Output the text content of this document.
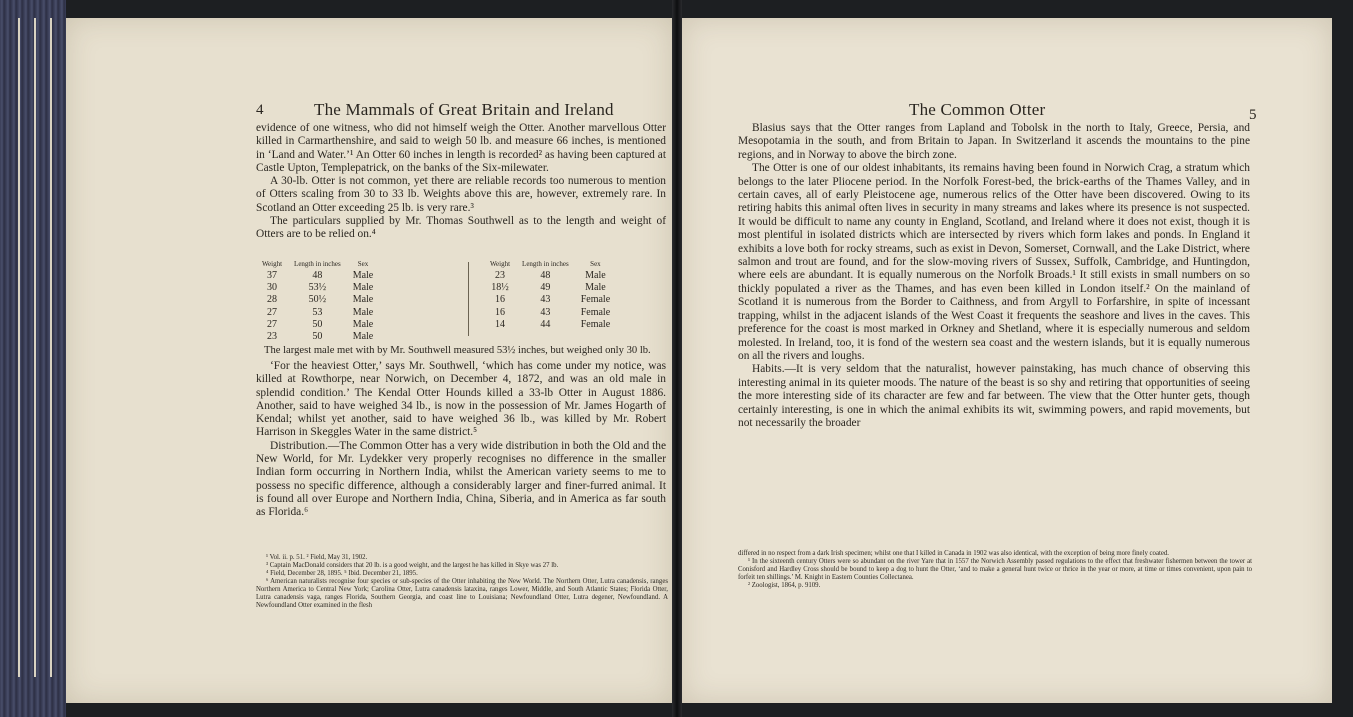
4	The Mammals of Great Britain and Ireland

evidence of one witness, who did not himself weigh the Otter. Another marvellous Otter killed in Carmarthenshire, and said to weigh 50 lb. and measure 66 inches, is mentioned in ‘Land and Water.’¹ An Otter 60 inches in length is recorded² as having been captured at Castle Upton, Templepatrick, on the banks of the Six-milewater.

A 30-lb. Otter is not common, yet there are reliable records too numerous to mention of Otters scaling from 30 to 33 lb. Weights above this are, however, extremely rare. In Scotland an Otter exceeding 25 lb. is very rare.³

The particulars supplied by Mr. Thomas Southwell as to the length and weight of Otters are to be relied on.⁴

Weight	Length in inches	Sex
37	48	Male
30	53½	Male
28	50½	Male
27	53	Male
27	50	Male
23	50	Male
Weight	Length in inches	Sex
23	48	Male
18½	49	Male
16	43	Female
16	43	Female
14	44	Female
The largest male met with by Mr. Southwell measured 53½ inches, but weighed only 30 lb.

‘For the heaviest Otter,’ says Mr. Southwell, ‘which has come under my notice, was killed at Rowthorpe, near Norwich, on December 4, 1872, and was an old male in splendid condition.’ The Kendal Otter Hounds killed a 33-lb Otter in August 1886. Another, said to have weighed 34 lb., is now in the possession of Mr. James Hogarth of Kendal; whilst yet another, said to have weighed 36 lb., was killed by Mr. Robert Harrison in Skeggles Water in the same district.⁵

Distribution.—The Common Otter has a very wide distribution in both the Old and the New World, for Mr. Lydekker very properly recognises no difference in the smaller Indian form occurring in Northern India, whilst the American variety seems to me to possess no specific difference, although a considerably larger and finer-furred animal. It is found all over Europe and Northern India, China, Siberia, and in America as far south as Florida.⁶

¹ Vol. ii. p. 51. ² Field, May 31, 1902.

³ Captain MacDonald considers that 20 lb. is a good weight, and the largest he has killed in Skye was 27 lb.

⁴ Field, December 28, 1895. ⁵ Ibid. December 21, 1895.

⁶ American naturalists recognise four species or sub-species of the Otter inhabiting the New World. The Northern Otter, Lutra canadensis, ranges Northern America to Central New York; Carolina Otter, Lutra canadensis lataxina, ranges Lower, Middle, and South Atlantic States; Florida Otter, Lutra canadensis vaga, ranges Florida, Southern Georgia, and coast line to Louisiana; Newfoundland Otter, Lutra degener, Newfoundland. A Newfoundland Otter examined in the flesh

The Common Otter	5

Blasius says that the Otter ranges from Lapland and Tobolsk in the north to Italy, Greece, Persia, and Mesopotamia in the south, and from Britain to Japan. In Switzerland it ascends the mountains to the pine regions, and in Norway to above the birch zone.

The Otter is one of our oldest inhabitants, its remains having been found in Norwich Crag, a stratum which belongs to the later Pliocene period. In the Norfolk Forest-bed, the brick-earths of the Thames Valley, and in certain caves, all of early Pleistocene age, numerous relics of the Otter have been discovered. Owing to its retiring habits this animal often lives in security in many streams and lakes where its presence is not suspected. It would be difficult to name any county in England, Scotland, and Ireland where it does not exist, though it is most plentiful in isolated districts which are intersected by rivers which form lakes and ponds. In England it exhibits a love both for rocky streams, such as exist in Devon, Somerset, Cornwall, and the Lake District, where salmon and trout are found, and for the slow-moving rivers of Sussex, Suffolk, Cambridge, and Huntingdon, where eels are abundant. It is equally numerous on the Norfolk Broads.¹ It still exists in small numbers on so thickly populated a river as the Thames, and has even been killed in London itself.² On the mainland of Scotland it is numerous from the Border to Caithness, and from Argyll to Forfarshire, in spite of incessant trapping, whilst in the adjacent islands of the West Coast it frequents the seashore and lives in the caves. This preference for the coast is most marked in Orkney and Shetland, where it is especially numerous and seldom molested. In Ireland, too, it is fond of the western sea coast and the western islands, but it is equally numerous on all the rivers and loughs.

Habits.—It is very seldom that the naturalist, however painstaking, has much chance of observing this interesting animal in its quieter moods. The nature of the beast is so shy and retiring that opportunities of seeing the more interesting side of its character are few and far between. The view that the Otter hunter gets, though certainly interesting, is one in which the animal exhibits its wit, swimming powers, and rapid movements, but not necessarily the broader

differed in no respect from a dark Irish specimen; whilst one that I killed in Canada in 1902 was also identical, with the exception of being more finely coated.

¹ In the sixteenth century Otters were so abundant on the river Yare that in 1557 the Norwich Assembly passed regulations to the effect that freshwater fishermen between the tower at Conisford and Hardley Cross should be bound to keep a dog to hunt the Otter, ‘and to make a general hunt twice or thrice in the year or more, at time or times convenient, upon pain to forfeit ten shillings.’ M. Knight in Eastern Counties Collectanea.

² Zoologist, 1864, p. 9109.
